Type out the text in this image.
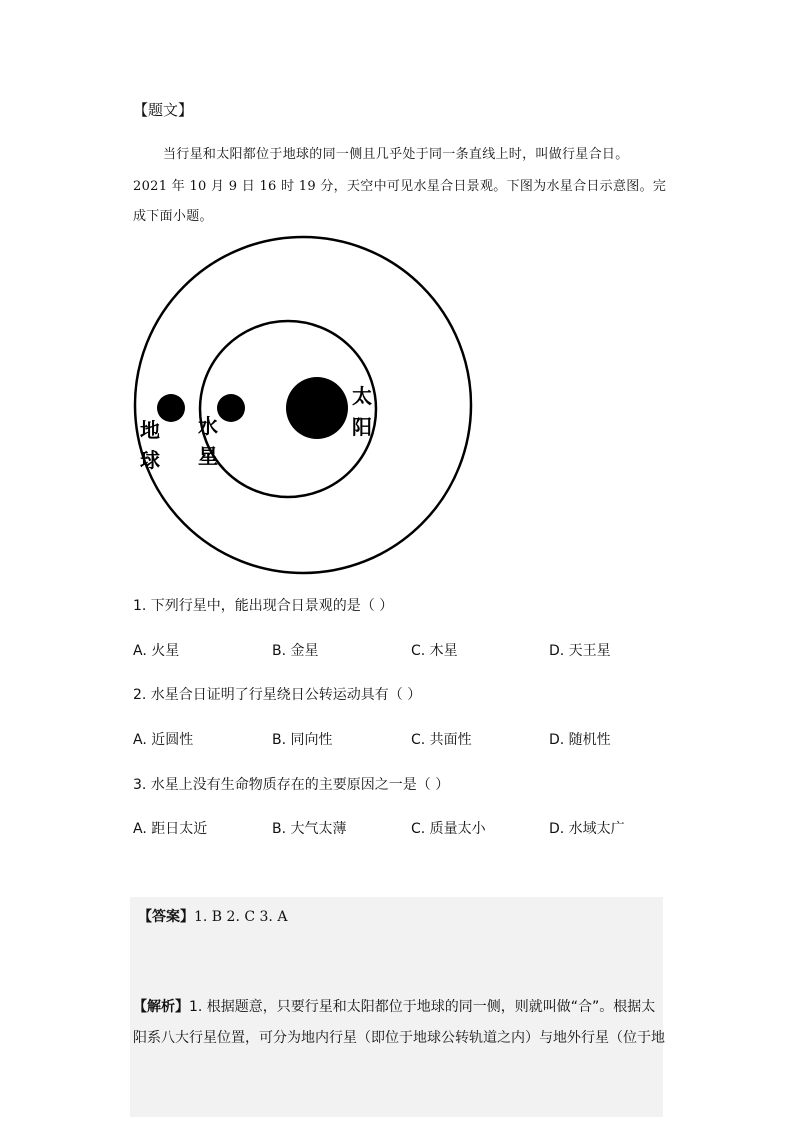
【题文】
当行星和太阳都位于地球的同一侧且几乎处于同一条直线上时，叫做行星合日。
2021 年 10 月 9 日 16 时 19 分，天空中可见水星合日景观。下图为水星合日示意图。完
成下面小题。
地
球
水
星
太
阳
1. 下列行星中，能出现合日景观的是（ ）
A. 火星	B. 金星	C. 木星	D. 天王星
2. 水星合日证明了行星绕日公转运动具有（ ）
A. 近圆性	B. 同向性	C. 共面性	D. 随机性
3. 水星上没有生命物质存在的主要原因之一是（ ）
A. 距日太近	B. 大气太薄	C. 质量太小	D. 水域太广
【答案】1. B 2. C 3. A
【解析】1. 根据题意，只要行星和太阳都位于地球的同一侧，则就叫做“合”。根据太
阳系八大行星位置，可分为地内行星（即位于地球公转轨道之内）与地外行星（位于地
